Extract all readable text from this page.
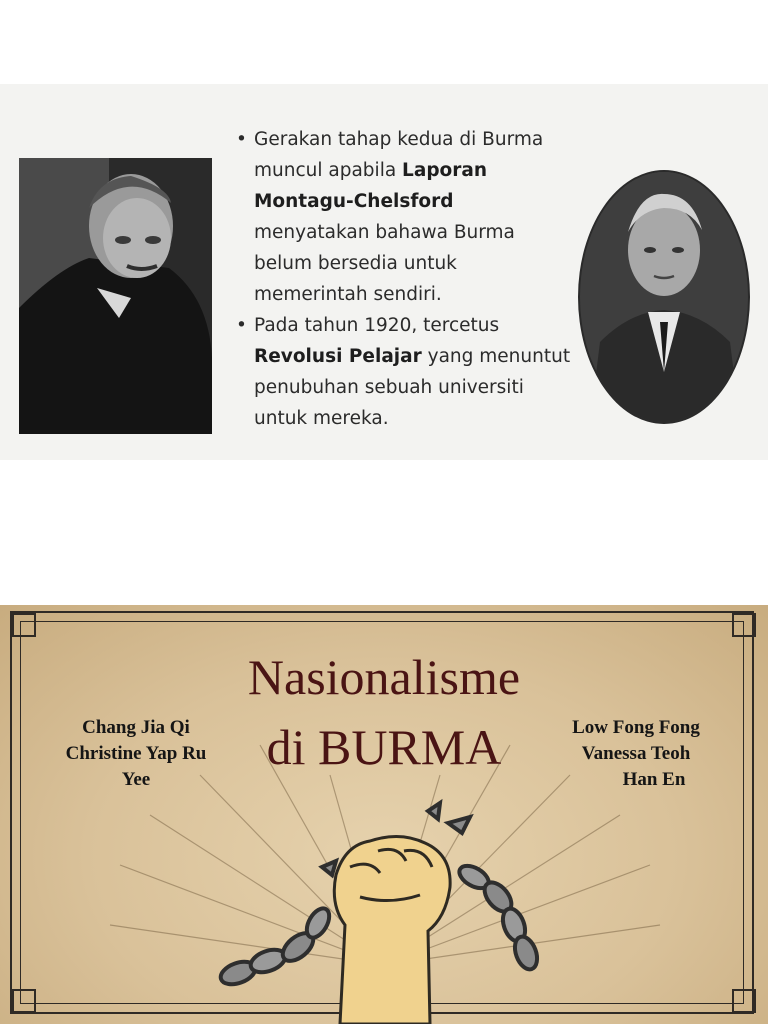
• Gerakan tahap kedua di Burma muncul apabila Laporan Montagu-Chelsford menyatakan bahawa Burma belum bersedia untuk memerintah sendiri.
• Pada tahun 1920, tercetus Revolusi Pelajar yang menuntut penubuhan sebuah universiti untuk mereka.
Nasionalisme
di BURMA
Chang Jia Qi
Christine Yap Ru
Yee
Low Fong Fong
Vanessa Teoh
Han En
